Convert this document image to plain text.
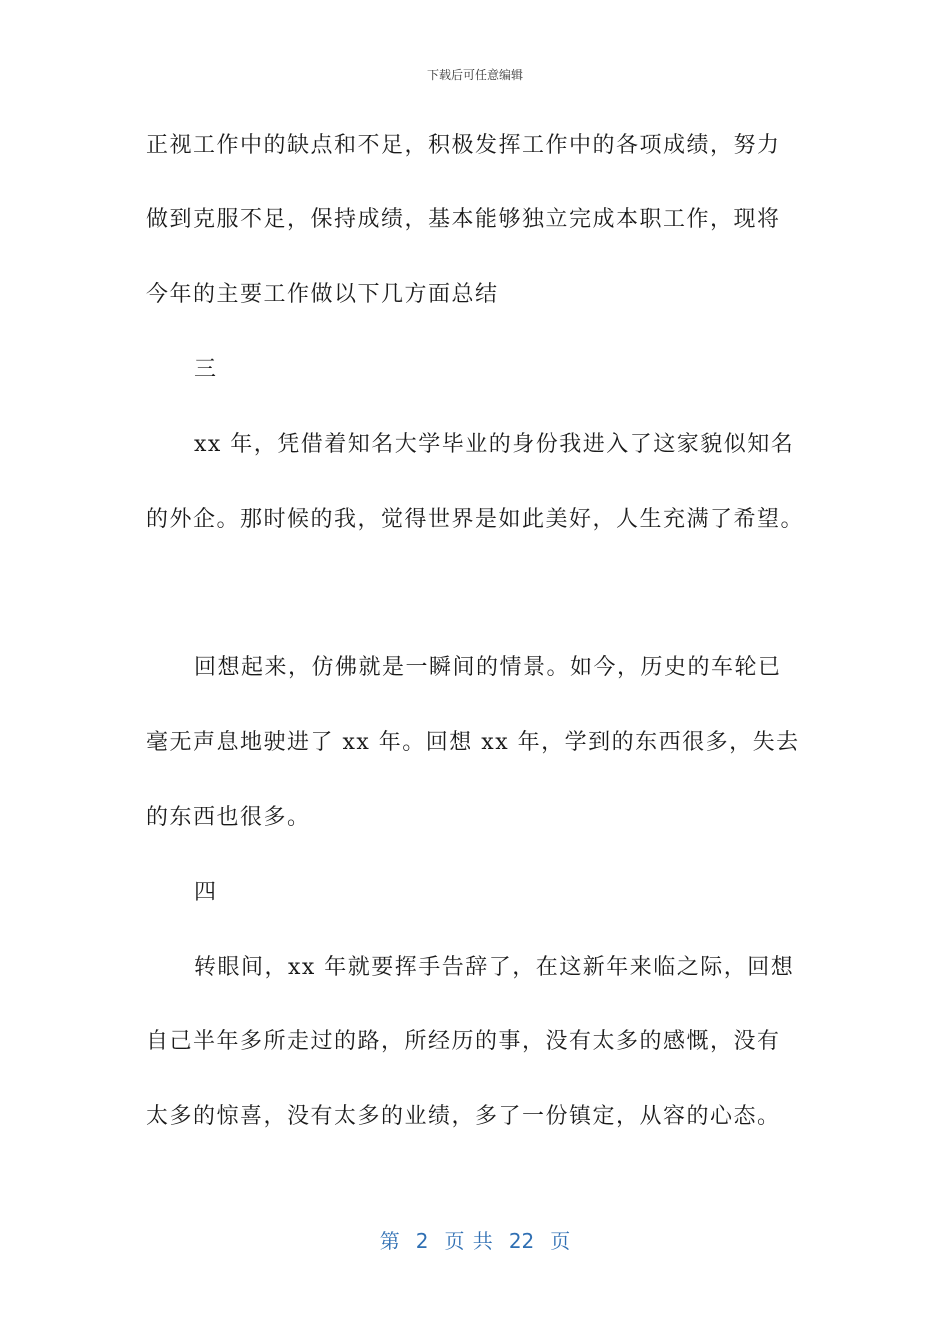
下载后可任意编辑
正视工作中的缺点和不足，积极发挥工作中的各项成绩，努力
做到克服不足，保持成绩，基本能够独立完成本职工作，现将
今年的主要工作做以下几方面总结
三
xx 年，凭借着知名大学毕业的身份我进入了这家貌似知名
的外企。那时候的我，觉得世界是如此美好，人生充满了希望。
回想起来，仿佛就是一瞬间的情景。如今，历史的车轮已
毫无声息地驶进了 xx 年。回想 xx 年，学到的东西很多，失去
的东西也很多。
四
转眼间，xx 年就要挥手告辞了，在这新年来临之际，回想
自己半年多所走过的路，所经历的事，没有太多的感慨，没有
太多的惊喜，没有太多的业绩，多了一份镇定，从容的心态。
第 2 页 共 22 页
